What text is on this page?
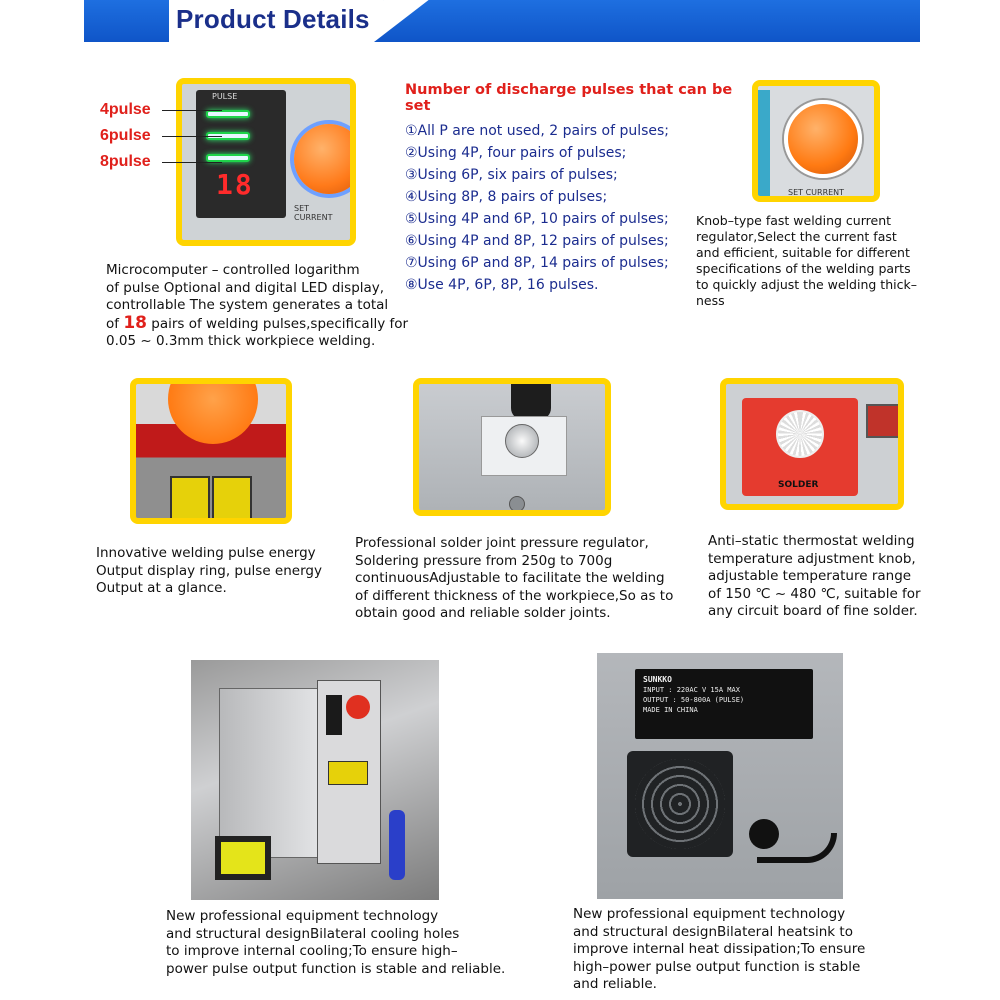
Product Details
PULSE
18
SET CURRENT
4pulse
6pulse
8pulse
Number of discharge pulses that can be set
①All P are not used, 2 pairs of pulses;
②Using 4P, four pairs of pulses;
③Using 6P, six pairs of pulses;
④Using 8P, 8 pairs of pulses;
⑤Using 4P and 6P, 10 pairs of pulses;
⑥Using 4P and 8P, 12 pairs of pulses;
⑦Using 6P and 8P, 14 pairs of pulses;
⑧Use 4P, 6P, 8P, 16 pulses.
SET CURRENT
Microcomputer – controlled logarithm
of pulse Optional and digital LED display,
controllable The system generates a total
of 18 pairs of welding pulses,specifically for
0.05 ~ 0.3mm thick workpiece welding.
Knob–type fast welding current
regulator,Select the current fast
and efficient, suitable for different
specifications of the welding parts
to quickly adjust the welding thick–
ness
SOLDER
Innovative welding pulse energy
Output display ring, pulse energy
Output at a glance.
Professional solder joint pressure regulator,
Soldering pressure from 250g to 700g
continuousAdjustable to facilitate the welding
of different thickness of the workpiece,So as to
obtain good and reliable solder joints.
Anti–static thermostat welding
temperature adjustment knob,
adjustable temperature range
of 150 ℃ ~ 480 ℃, suitable for
any circuit board of fine solder.
SUNKKO
INPUT : 220AC V 15A MAX
OUTPUT : 50-800A (PULSE)
MADE IN CHINA
New professional equipment technology
and structural designBilateral cooling holes
to improve internal cooling;To ensure high–
power pulse output function is stable and reliable.
New professional equipment technology
and structural designBilateral heatsink to
improve internal heat dissipation;To ensure
high–power pulse output function is stable
and reliable.
